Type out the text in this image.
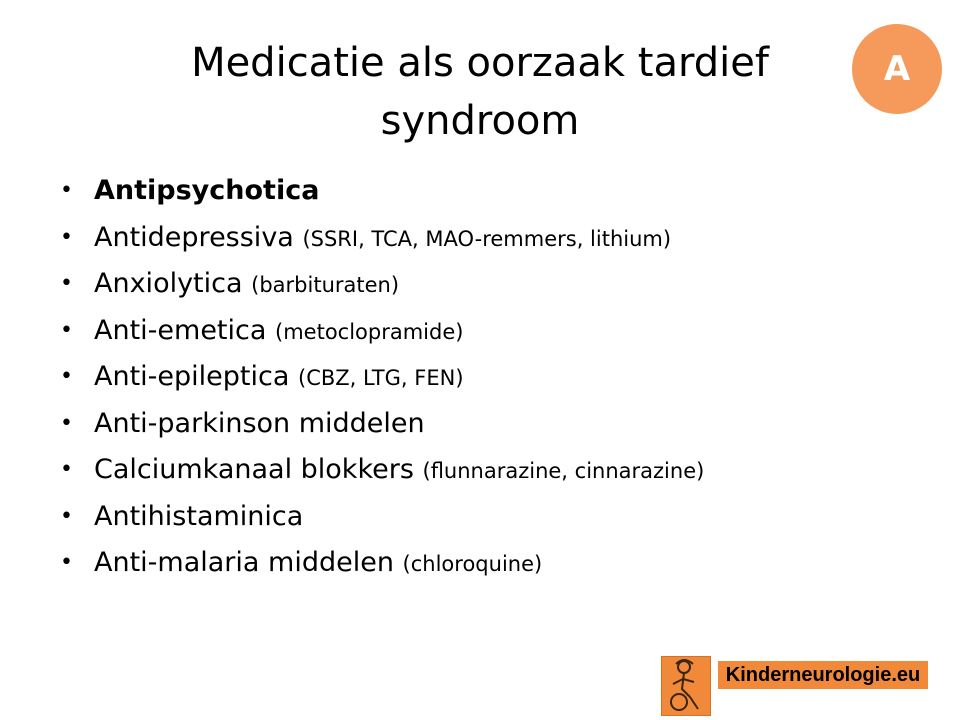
Medicatie als oorzaak tardief syndroom
A
• Antipsychotica
• Antidepressiva (SSRI, TCA, MAO-remmers, lithium)
• Anxiolytica (barbituraten)
• Anti-emetica (metoclopramide)
• Anti-epileptica (CBZ, LTG, FEN)
• Anti-parkinson middelen
• Calciumkanaal blokkers (flunnarazine, cinnarazine)
• Antihistaminica
• Anti-malaria middelen (chloroquine)
Kinderneurologie.eu
